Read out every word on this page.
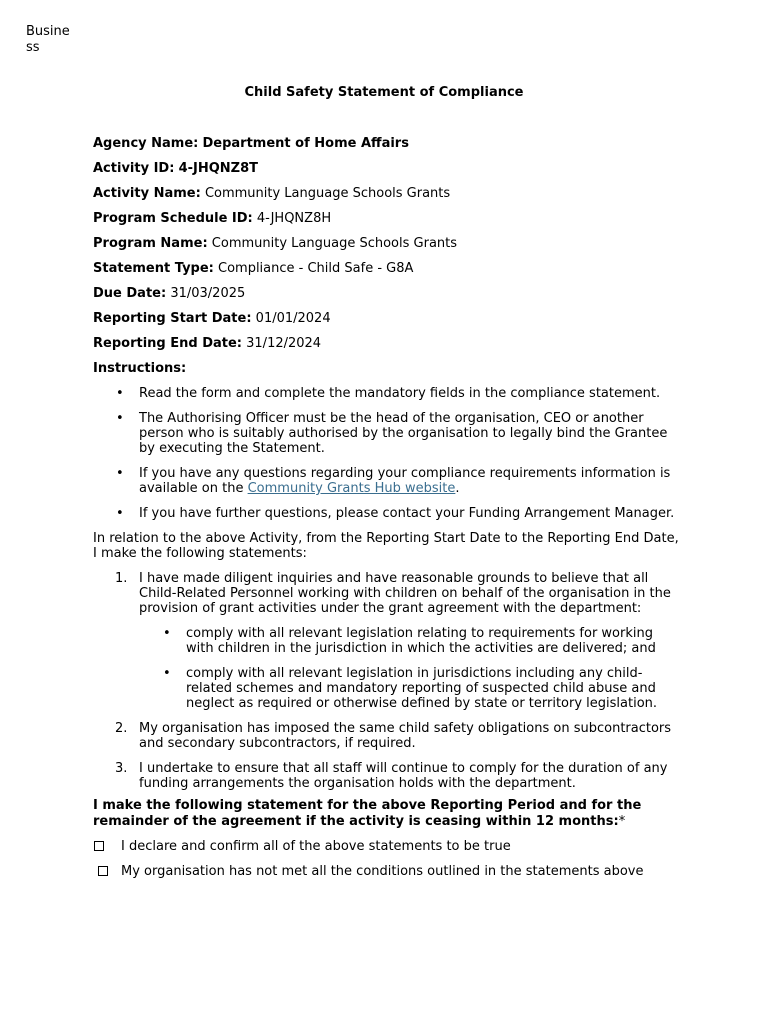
Business
Child Safety Statement of Compliance
Agency Name: Department of Home Affairs
Activity ID: 4-JHQNZ8T
Activity Name: Community Language Schools Grants
Program Schedule ID: 4-JHQNZ8H
Program Name: Community Language Schools Grants
Statement Type: Compliance - Child Safe - G8A
Due Date: 31/03/2025
Reporting Start Date: 01/01/2024
Reporting End Date: 31/12/2024
Instructions:
• Read the form and complete the mandatory fields in the compliance statement.
• The Authorising Officer must be the head of the organisation, CEO or another person who is suitably authorised by the organisation to legally bind the Grantee by executing the Statement.
• If you have any questions regarding your compliance requirements information is available on the Community Grants Hub website.
• If you have further questions, please contact your Funding Arrangement Manager.
In relation to the above Activity, from the Reporting Start Date to the Reporting End Date, I make the following statements:
1. I have made diligent inquiries and have reasonable grounds to believe that all Child-Related Personnel working with children on behalf of the organisation in the provision of grant activities under the grant agreement with the department:
• comply with all relevant legislation relating to requirements for working with children in the jurisdiction in which the activities are delivered; and
• comply with all relevant legislation in jurisdictions including any child-related schemes and mandatory reporting of suspected child abuse and neglect as required or otherwise defined by state or territory legislation.
2. My organisation has imposed the same child safety obligations on subcontractors and secondary subcontractors, if required.
3. I undertake to ensure that all staff will continue to comply for the duration of any funding arrangements the organisation holds with the department.
I make the following statement for the above Reporting Period and for the remainder of the agreement if the activity is ceasing within 12 months:*
I declare and confirm all of the above statements to be true
My organisation has not met all the conditions outlined in the statements above
